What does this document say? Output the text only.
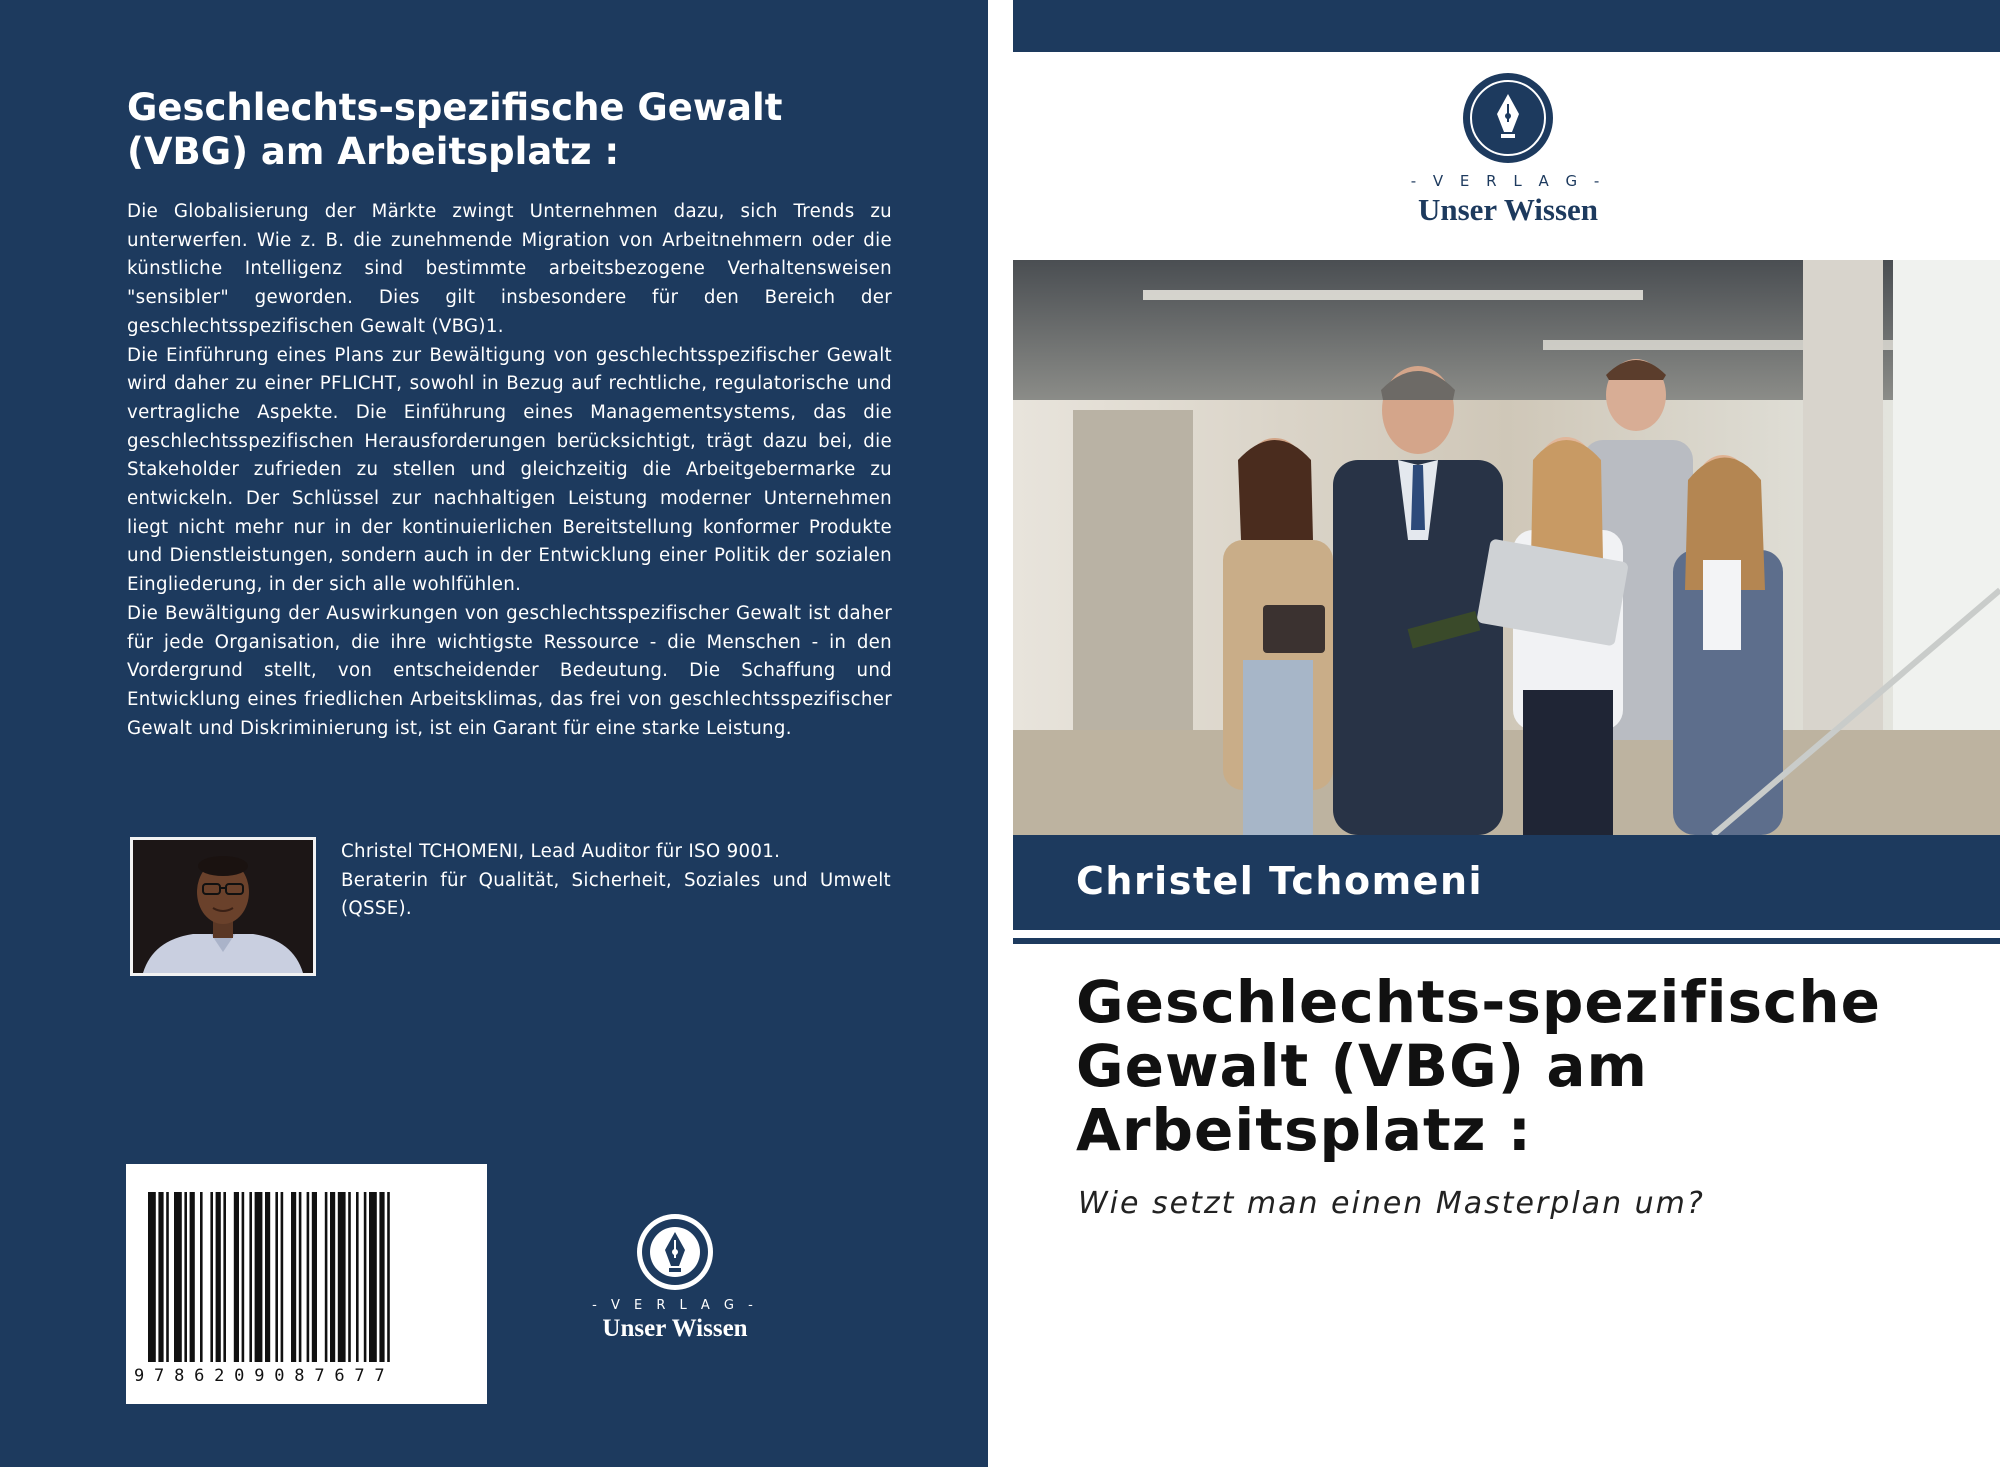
Geschlechts-spezifische Gewalt (VBG) am Arbeitsplatz :

Die Globalisierung der Märkte zwingt Unternehmen dazu, sich Trends zu unterwerfen. Wie z. B. die zunehmende Migration von Arbeitnehmern oder die künstliche Intelligenz sind bestimmte arbeitsbezogene Verhaltensweisen "sensibler" geworden. Dies gilt insbesondere für den Bereich der geschlechtsspezifischen Gewalt (VBG)1.

Die Einführung eines Plans zur Bewältigung von geschlechtsspezifischer Gewalt wird daher zu einer PFLICHT, sowohl in Bezug auf rechtliche, regulatorische und vertragliche Aspekte. Die Einführung eines Managementsystems, das die geschlechtsspezifischen Herausforderungen berücksichtigt, trägt dazu bei, die Stakeholder zufrieden zu stellen und gleichzeitig die Arbeitgebermarke zu entwickeln. Der Schlüssel zur nachhaltigen Leistung moderner Unternehmen liegt nicht mehr nur in der kontinuierlichen Bereitstellung konformer Produkte und Dienstleistungen, sondern auch in der Entwicklung einer Politik der sozialen Eingliederung, in der sich alle wohlfühlen.

Die Bewältigung der Auswirkungen von geschlechtsspezifischer Gewalt ist daher für jede Organisation, die ihre wichtigste Ressource - die Menschen - in den Vordergrund stellt, von entscheidender Bedeutung. Die Schaffung und Entwicklung eines friedlichen Arbeitsklimas, das frei von geschlechtsspezifischer Gewalt und Diskriminierung ist, ist ein Garant für eine starke Leistung.

Christel TCHOMENI, Lead Auditor für ISO 9001.

Beraterin für Qualität, Sicherheit, Soziales und Umwelt (QSSE).

9786209087677
- V E R L A G -
Unser Wissen
- V E R L A G -
Unser Wissen
Christel Tchomeni
Geschlechts-spezifische Gewalt (VBG) am Arbeitsplatz :
Wie setzt man einen Masterplan um?
